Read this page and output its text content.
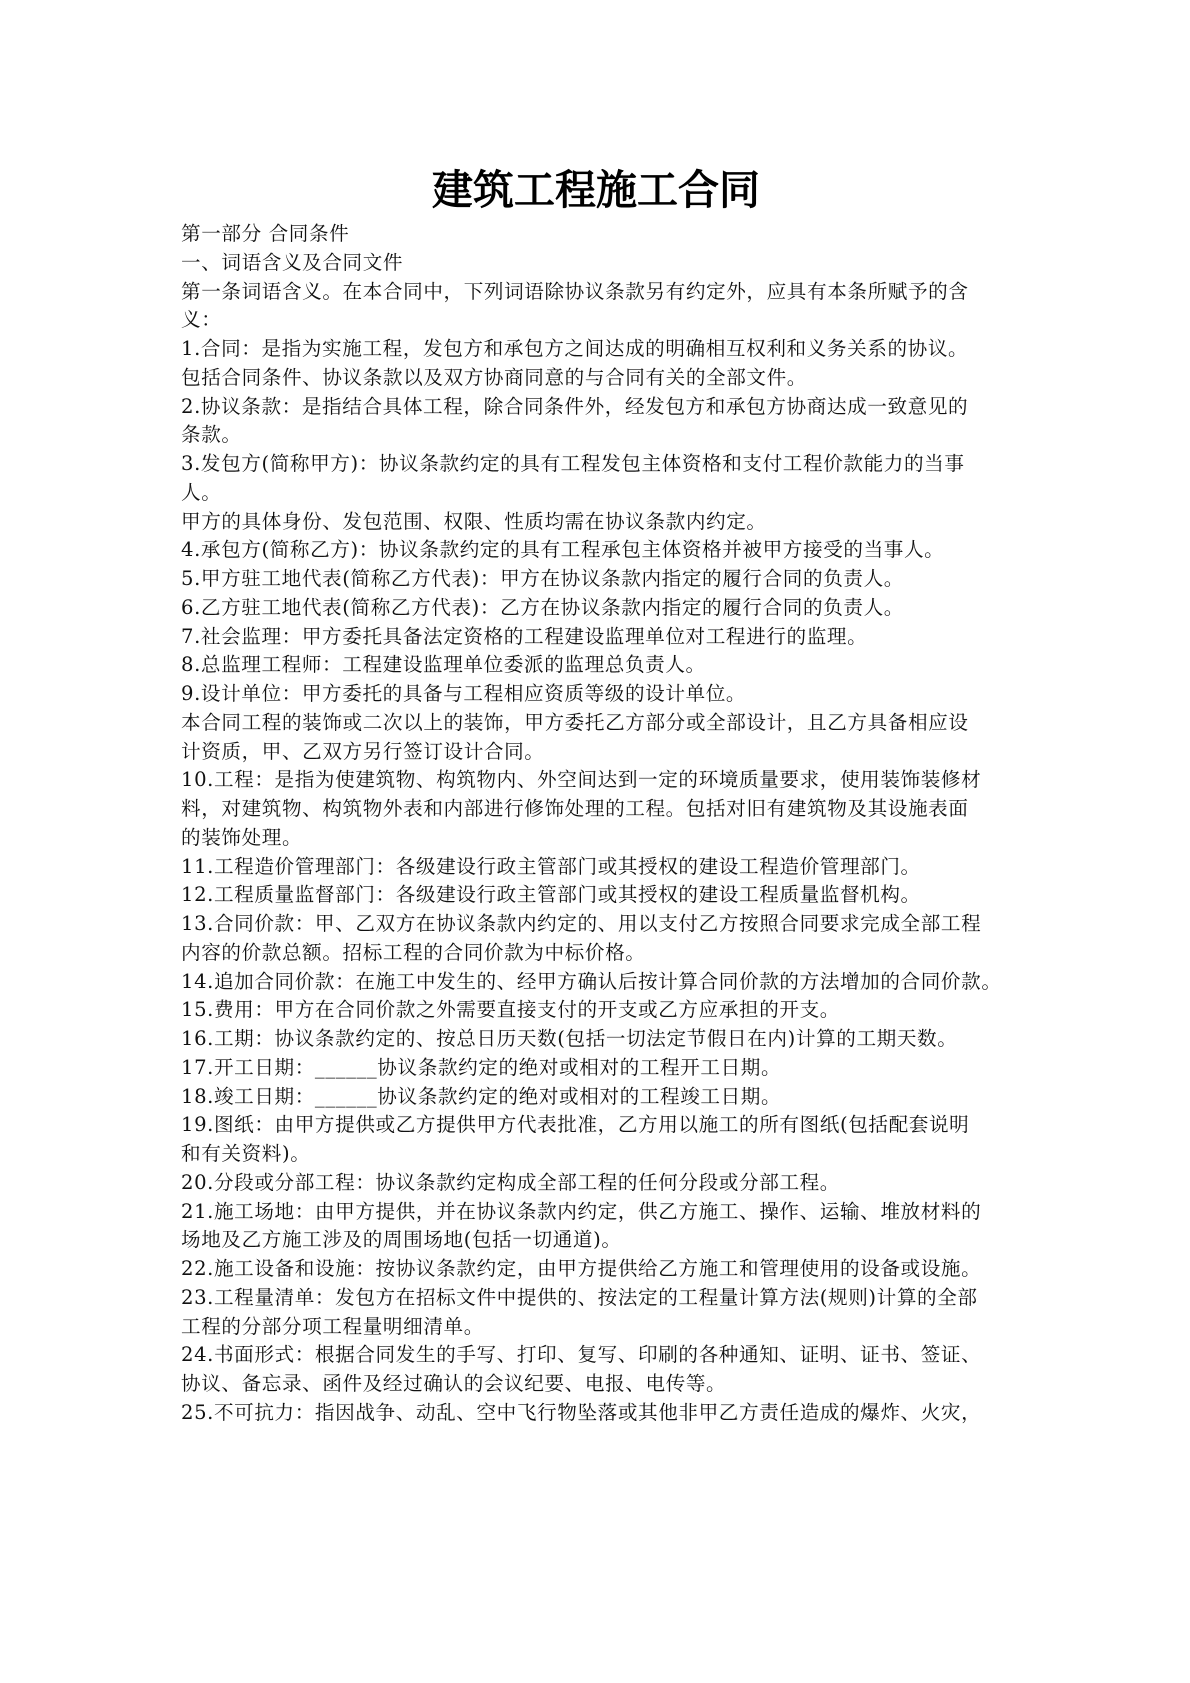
建筑工程施工合同
第一部分 合同条件
一、词语含义及合同文件
第一条词语含义。在本合同中，下列词语除协议条款另有约定外，应具有本条所赋予的含
义：
1.合同：是指为实施工程，发包方和承包方之间达成的明确相互权利和义务关系的协议。
包括合同条件、协议条款以及双方协商同意的与合同有关的全部文件。
2.协议条款：是指结合具体工程，除合同条件外，经发包方和承包方协商达成一致意见的
条款。
3.发包方(简称甲方)：协议条款约定的具有工程发包主体资格和支付工程价款能力的当事
人。
甲方的具体身份、发包范围、权限、性质均需在协议条款内约定。
4.承包方(简称乙方)：协议条款约定的具有工程承包主体资格并被甲方接受的当事人。
5.甲方驻工地代表(简称乙方代表)：甲方在协议条款内指定的履行合同的负责人。
6.乙方驻工地代表(简称乙方代表)：乙方在协议条款内指定的履行合同的负责人。
7.社会监理：甲方委托具备法定资格的工程建设监理单位对工程进行的监理。
8.总监理工程师：工程建设监理单位委派的监理总负责人。
9.设计单位：甲方委托的具备与工程相应资质等级的设计单位。
本合同工程的装饰或二次以上的装饰，甲方委托乙方部分或全部设计，且乙方具备相应设
计资质，甲、乙双方另行签订设计合同。
10.工程：是指为使建筑物、构筑物内、外空间达到一定的环境质量要求，使用装饰装修材
料，对建筑物、构筑物外表和内部进行修饰处理的工程。包括对旧有建筑物及其设施表面
的装饰处理。
11.工程造价管理部门：各级建设行政主管部门或其授权的建设工程造价管理部门。
12.工程质量监督部门：各级建设行政主管部门或其授权的建设工程质量监督机构。
13.合同价款：甲、乙双方在协议条款内约定的、用以支付乙方按照合同要求完成全部工程
内容的价款总额。招标工程的合同价款为中标价格。
14.追加合同价款：在施工中发生的、经甲方确认后按计算合同价款的方法增加的合同价款。
15.费用：甲方在合同价款之外需要直接支付的开支或乙方应承担的开支。
16.工期：协议条款约定的、按总日历天数(包括一切法定节假日在内)计算的工期天数。
17.开工日期：______协议条款约定的绝对或相对的工程开工日期。
18.竣工日期：______协议条款约定的绝对或相对的工程竣工日期。
19.图纸：由甲方提供或乙方提供甲方代表批准，乙方用以施工的所有图纸(包括配套说明
和有关资料)。
20.分段或分部工程：协议条款约定构成全部工程的任何分段或分部工程。
21.施工场地：由甲方提供，并在协议条款内约定，供乙方施工、操作、运输、堆放材料的
场地及乙方施工涉及的周围场地(包括一切通道)。
22.施工设备和设施：按协议条款约定，由甲方提供给乙方施工和管理使用的设备或设施。
23.工程量清单：发包方在招标文件中提供的、按法定的工程量计算方法(规则)计算的全部
工程的分部分项工程量明细清单。
24.书面形式：根据合同发生的手写、打印、复写、印刷的各种通知、证明、证书、签证、
协议、备忘录、函件及经过确认的会议纪要、电报、电传等。
25.不可抗力：指因战争、动乱、空中飞行物坠落或其他非甲乙方责任造成的爆炸、火灾，
